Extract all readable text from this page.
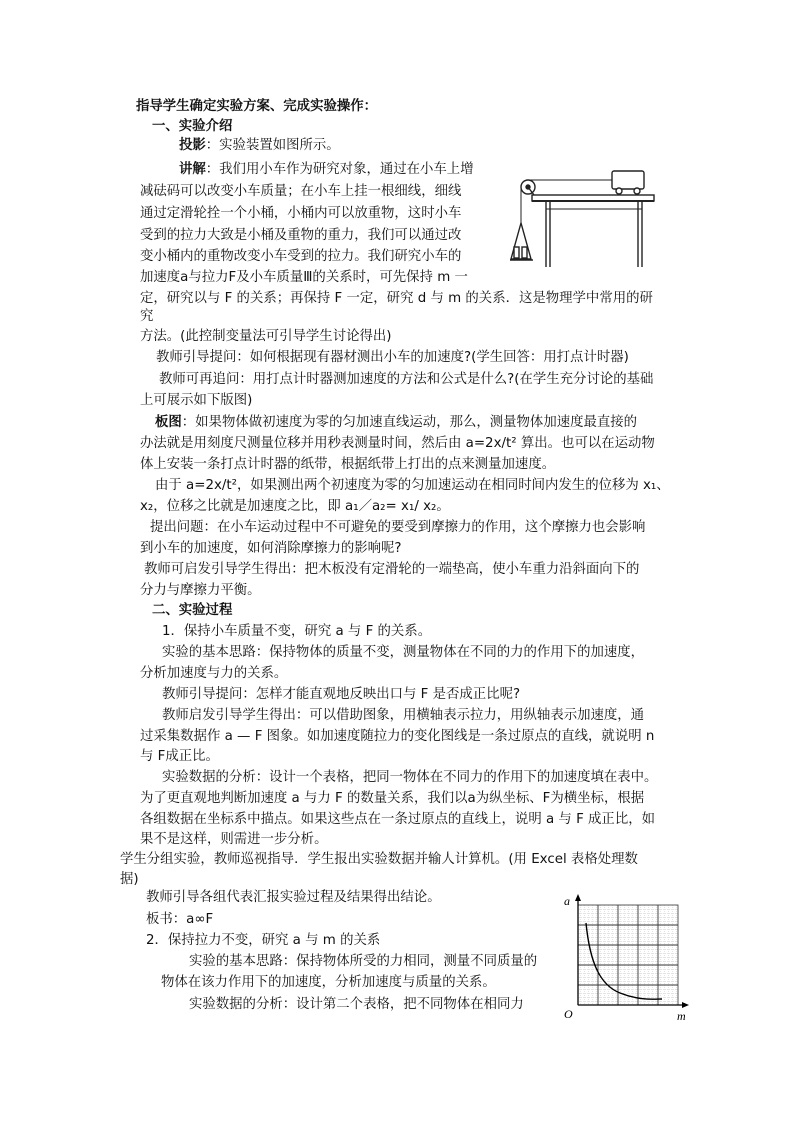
指导学生确定实验方案、完成实验操作：
一、实验介绍
投影：实验装置如图所示。
讲解：我们用小车作为研究对象，通过在小车上增
减砝码可以改变小车质量；在小车上挂一根细线，细线
通过定滑轮拴一个小桶，小桶内可以放重物，这时小车
受到的拉力大致是小桶及重物的重力，我们可以通过改
变小桶内的重物改变小车受到的拉力。我们研究小车的
加速度a与拉力F及小车质量Ⅲ的关系时，可先保持 m 一
定，研究以与 F 的关系；再保持 F 一定，研究 d 与 m 的关系．这是物理学中常用的研
究
方法。(此控制变量法可引导学生讨论得出)
教师引导提问：如何根据现有器材测出小车的加速度?(学生回答：用打点计时器)
教师可再追问：用打点计时器测加速度的方法和公式是什么?(在学生充分讨论的基础
上可展示如下版图)
板图：如果物体做初速度为零的匀加速直线运动，那么，测量物体加速度最直接的
办法就是用刻度尺测量位移并用秒表测量时间，然后由 a=2x/t² 算出。也可以在运动物
体上安装一条打点计时器的纸带，根据纸带上打出的点来测量加速度。
由于 a=2x/t²，如果测出两个初速度为零的匀加速运动在相同时间内发生的位移为 x₁、
x₂，位移之比就是加速度之比，即 a₁／a₂= x₁/ x₂。
提出问题：在小车运动过程中不可避免的要受到摩擦力的作用，这个摩擦力也会影响
到小车的加速度，如何消除摩擦力的影响呢?
教师可启发引导学生得出：把木板没有定滑轮的一端垫高，使小车重力沿斜面向下的
分力与摩擦力平衡。
二、实验过程
1．保持小车质量不变，研究 a 与 F 的关系。
实验的基本思路：保持物体的质量不变，测量物体在不同的力的作用下的加速度，
分析加速度与力的关系。
教师引导提问：怎样才能直观地反映出口与 F 是否成正比呢?
教师启发引导学生得出：可以借助图象，用横轴表示拉力，用纵轴表示加速度，通
过采集数据作 a — F 图象。如加速度随拉力的变化图线是一条过原点的直线，就说明 n
与 F成正比。
实验数据的分析：设计一个表格，把同一物体在不同力的作用下的加速度填在表中。
为了更直观地判断加速度 a 与力 F 的数量关系，我们以a为纵坐标、F为横坐标，根据
各组数据在坐标系中描点。如果这些点在一条过原点的直线上，说明 a 与 F 成正比，如
果不是这样，则需进一步分析。
学生分组实验，教师巡视指导．学生报出实验数据并输人计算机。(用 Excel 表格处理数
据)
教师引导各组代表汇报实验过程及结果得出结论。
板书：a∞F
2．保持拉力不变，研究 a 与 m 的关系
实验的基本思路：保持物体所受的力相同，测量不同质量的
物体在该力作用下的加速度，分析加速度与质量的关系。
实验数据的分析：设计第二个表格，把不同物体在相同力
a
m
O
